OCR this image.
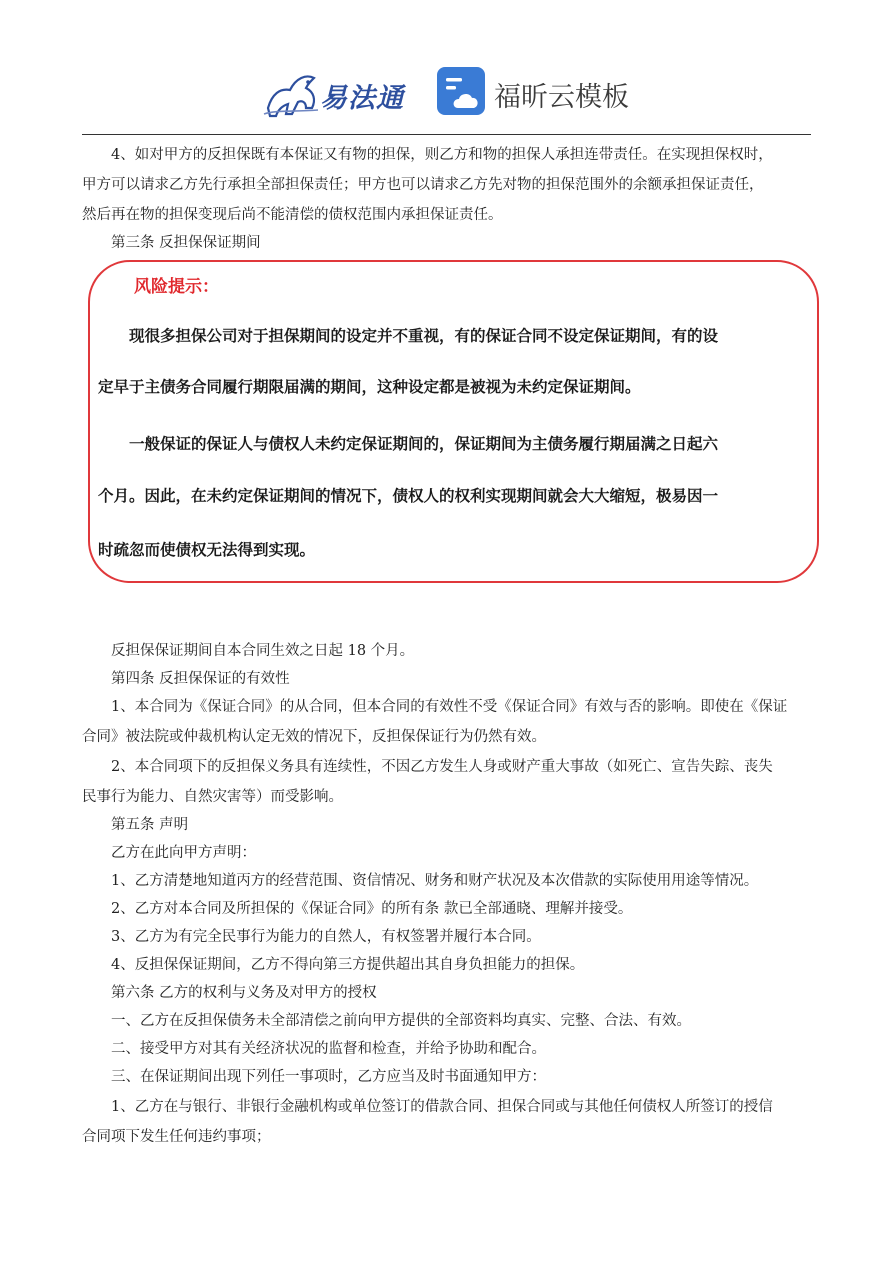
易法通	福昕云模板
　　4、如对甲方的反担保既有本保证又有物的担保，则乙方和物的担保人承担连带责任。在实现担保权时，
甲方可以请求乙方先行承担全部担保责任；甲方也可以请求乙方先对物的担保范围外的余额承担保证责任，
然后再在物的担保变现后尚不能清偿的债权范围内承担保证责任。
　　第三条 反担保保证期间
风险提示：
　　现很多担保公司对于担保期间的设定并不重视，有的保证合同不设定保证期间，有的设
定早于主债务合同履行期限届满的期间，这种设定都是被视为未约定保证期间。
　　一般保证的保证人与债权人未约定保证期间的，保证期间为主债务履行期届满之日起六
个月。因此，在未约定保证期间的情况下，债权人的权利实现期间就会大大缩短，极易因一
时疏忽而使债权无法得到实现。
　　反担保保证期间自本合同生效之日起 18 个月。
　　第四条 反担保保证的有效性
　　1、本合同为《保证合同》的从合同，但本合同的有效性不受《保证合同》有效与否的影响。即使在《保证
合同》被法院或仲裁机构认定无效的情况下，反担保保证行为仍然有效。
　　2、本合同项下的反担保义务具有连续性，不因乙方发生人身或财产重大事故（如死亡、宣告失踪、丧失
民事行为能力、自然灾害等）而受影响。
　　第五条 声明
　　乙方在此向甲方声明：
　　1、乙方清楚地知道丙方的经营范围、资信情况、财务和财产状况及本次借款的实际使用用途等情况。
　　2、乙方对本合同及所担保的《保证合同》的所有条 款已全部通晓、理解并接受。
　　3、乙方为有完全民事行为能力的自然人，有权签署并履行本合同。
　　4、反担保保证期间，乙方不得向第三方提供超出其自身负担能力的担保。
　　第六条 乙方的权利与义务及对甲方的授权
　　一、乙方在反担保债务未全部清偿之前向甲方提供的全部资料均真实、完整、合法、有效。
　　二、接受甲方对其有关经济状况的监督和检查，并给予协助和配合。
　　三、在保证期间出现下列任一事项时，乙方应当及时书面通知甲方：
　　1、乙方在与银行、非银行金融机构或单位签订的借款合同、担保合同或与其他任何债权人所签订的授信
合同项下发生任何违约事项；
